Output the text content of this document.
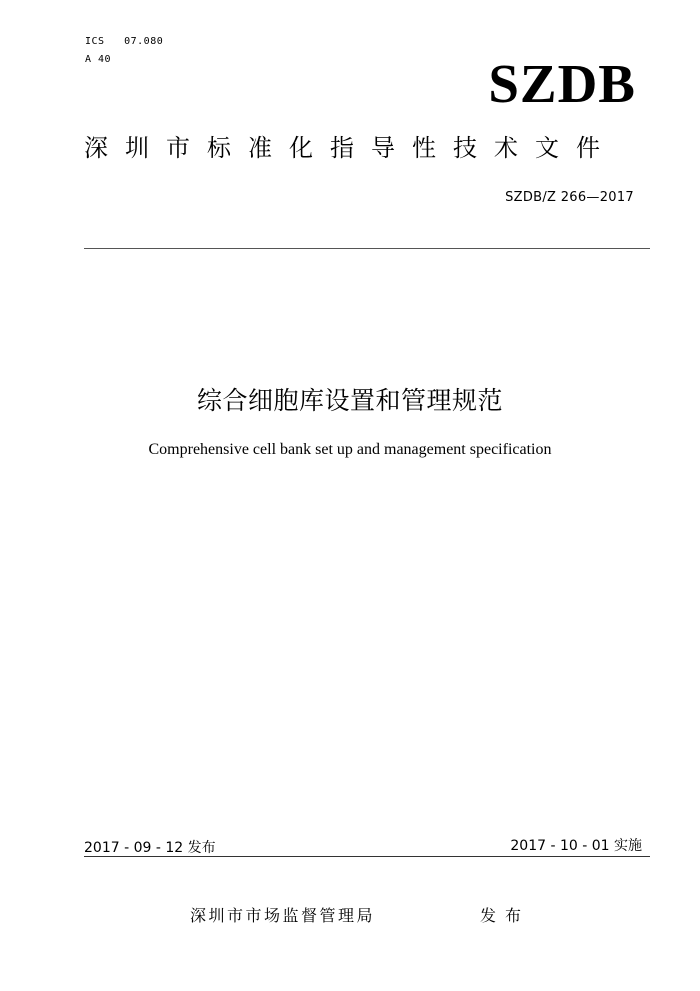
ICS   07.080
A 40	SZDB
深圳市标准化指导性技术文件
SZDB/Z 266—2017
综合细胞库设置和管理规范
Comprehensive cell bank set up and management specification
2017 - 09 - 12 发布	2017 - 10 - 01 实施
深圳市市场监督管理局	发布
